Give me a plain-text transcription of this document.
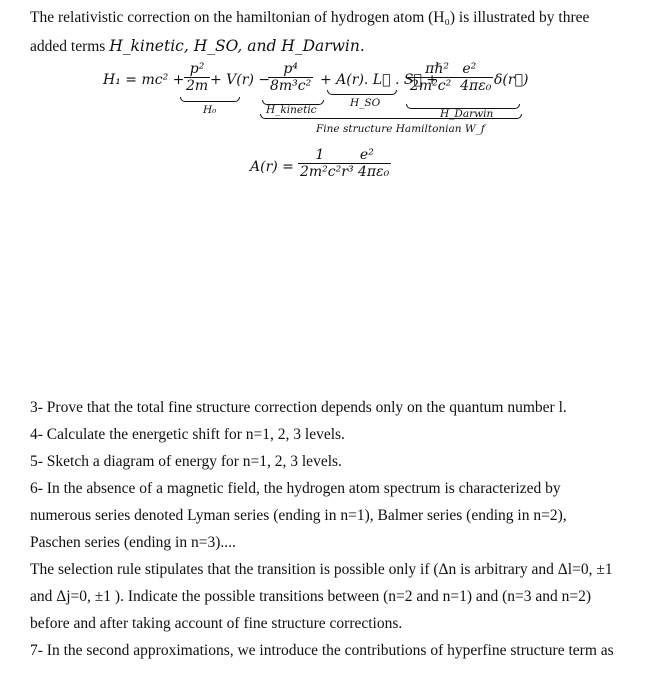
The relativistic correction on the hamiltonian of hydrogen atom (H₀) is illustrated by three
added terms H_kinetic, H_SO, and H_Darwin.
$H_1 = mc^2 + \frac{\text{p²}}{2m} + V(r)$ −
$\frac{\text{p⁴}}{\text{8m³c²}} + A(r)$. L⃗ . S⃗ +
πℏ²   e²
2m²c²  4πε₀ δ(r⃗)
H₀	H_kinetic
H_SO
H_Darwin
Fine structure Hamiltonian W_f
$A(r) = \frac{\text{1        e²}}{\text{2m²c²r³ 4πε₀}}$
3- Prove that the total fine structure correction depends only on the quantum number l.
4- Calculate the energetic shift for n=1, 2, 3 levels.
5- Sketch a diagram of energy for n=1, 2, 3 levels.
6- In the absence of a magnetic field, the hydrogen atom spectrum is characterized by
numerous series denoted Lyman series (ending in n=1), Balmer series (ending in n=2),
Paschen series (ending in n=3)....
The selection rule stipulates that the transition is possible only if (Δn is arbitrary and Δl=0, ±1
and Δj=0, ±1 ). Indicate the possible transitions between (n=2 and n=1) and (n=3 and n=2)
before and after taking account of fine structure corrections.
7- In the second approximations, we introduce the contributions of hyperfine structure term as
